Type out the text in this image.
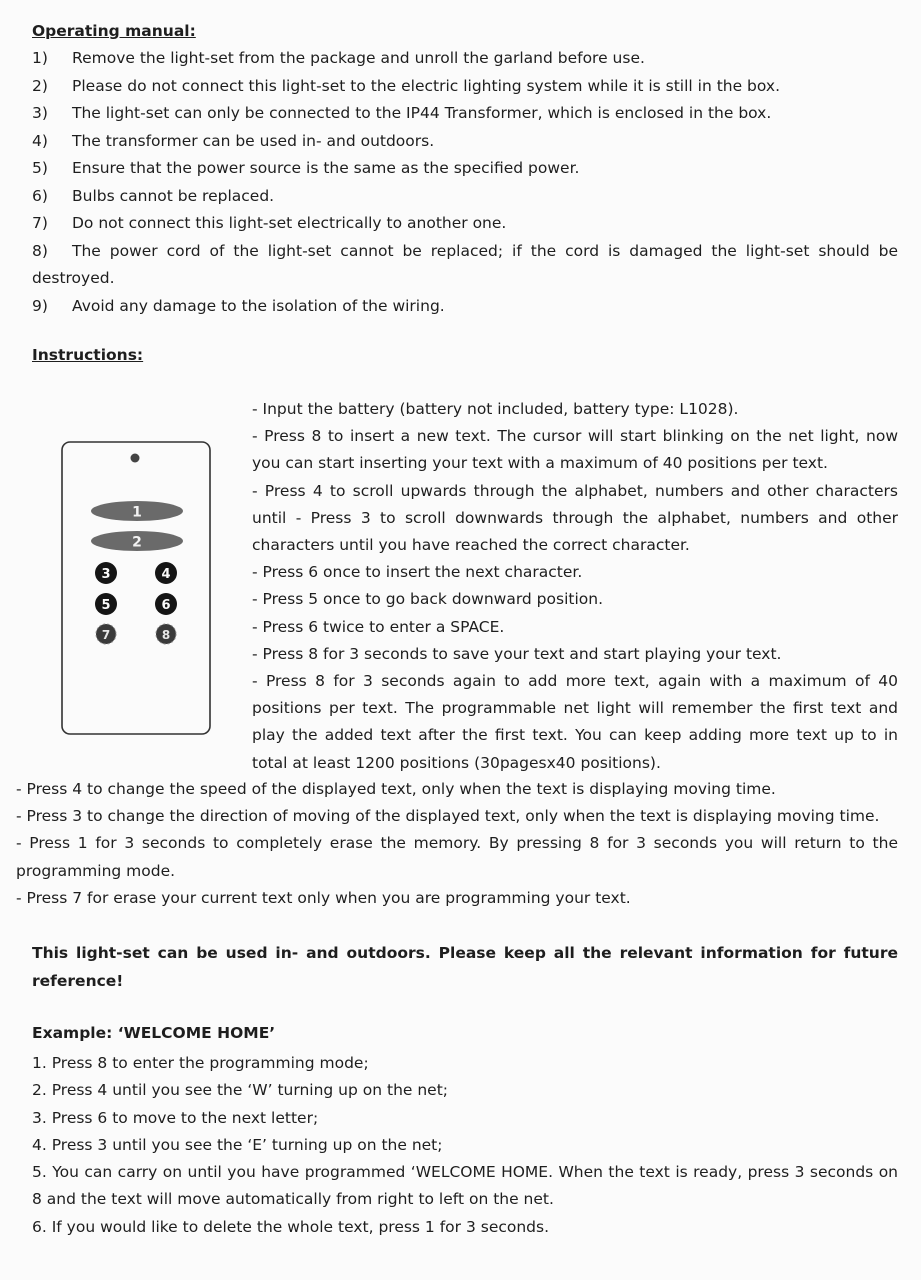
Operating manual:
1) Remove the light-set from the package and unroll the garland before use.
2) Please do not connect this light-set to the electric lighting system while it is still in the box.
3) The light-set can only be connected to the IP44 Transformer, which is enclosed in the box.
4) The transformer can be used in- and outdoors.
5) Ensure that the power source is the same as the specified power.
6) Bulbs cannot be replaced.
7) Do not connect this light-set electrically to another one.
8) The power cord of the light-set cannot be replaced; if the cord is damaged the light-set should be destroyed.
9) Avoid any damage to the isolation of the wiring.
Instructions:
1
2
3	4
5	6
7	8

- Input the battery (battery not included, battery type: L1028).

- Press 8 to insert a new text. The cursor will start blinking on the net light, now you can start inserting your text with a maximum of 40 positions per text.

- Press 4 to scroll upwards through the alphabet, numbers and other characters until - Press 3 to scroll downwards through the alphabet, numbers and other characters until you have reached the correct character.

- Press 6 once to insert the next character.

- Press 5 once to go back downward position.

- Press 6 twice to enter a SPACE.

- Press 8 for 3 seconds to save your text and start playing your text.

- Press 8 for 3 seconds again to add more text, again with a maximum of 40 positions per text. The programmable net light will remember the first text and play the added text after the first text. You can keep adding more text up to in total at least 1200 positions (30pagesx40 positions).

- Press 4 to change the speed of the displayed text, only when the text is displaying moving time.

- Press 3 to change the direction of moving of the displayed text, only when the text is displaying moving time.

- Press 1 for 3 seconds to completely erase the memory. By pressing 8 for 3 seconds you will return to the programming mode.

- Press 7 for erase your current text only when you are programming your text.

This light-set can be used in- and outdoors. Please keep all the relevant information for future reference!

Example: ‘WELCOME HOME’
1. Press 8 to enter the programming mode;
2. Press 4 until you see the ‘W’ turning up on the net;
3. Press 6 to move to the next letter;
4. Press 3 until you see the ‘E’ turning up on the net;
5. You can carry on until you have programmed ‘WELCOME HOME. When the text is ready, press 3 seconds on 8 and the text will move automatically from right to left on the net.
6. If you would like to delete the whole text, press 1 for 3 seconds.
